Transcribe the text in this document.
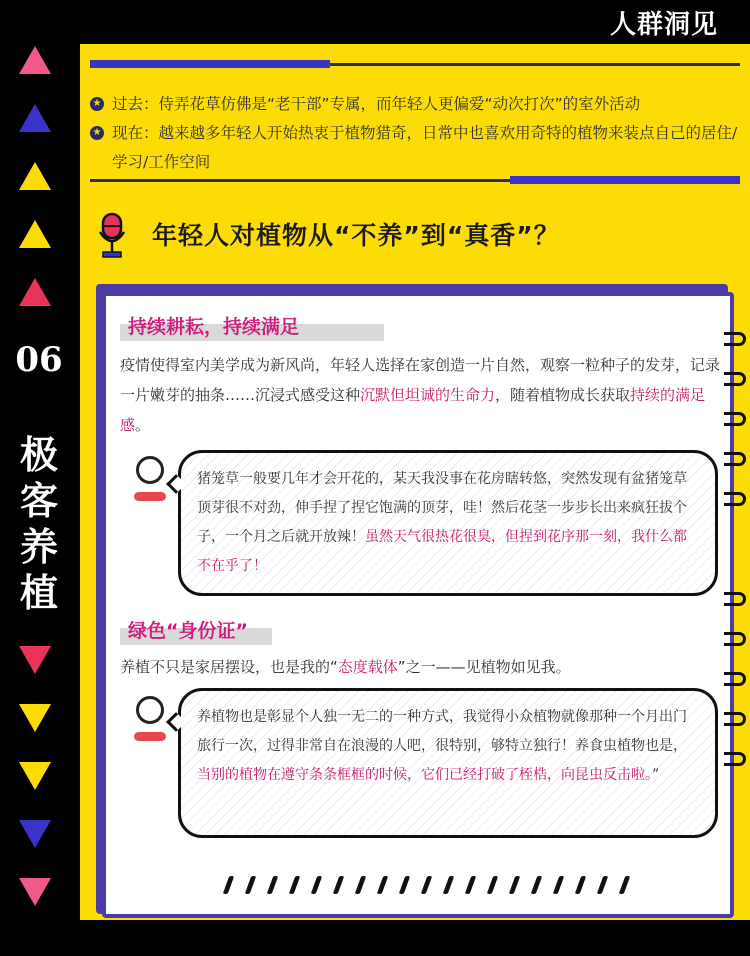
06
极
客
养
植
人群洞见
★ 过去：侍弄花草仿佛是“老干部”专属，而年轻人更偏爱“动次打次”的室外活动
★ 现在：越来越多年轻人开始热衷于植物猎奇，日常中也喜欢用奇特的植物来装点自己的居住/学习/工作空间
年轻人对植物从“不养”到“真香”？
持续耕耘，持续满足
疫情使得室内美学成为新风尚，年轻人选择在家创造一片自然，观察一粒种子的发芽，记录一片嫩芽的抽条……沉浸式感受这种沉默但坦诚的生命力，随着植物成长获取持续的满足感。

猪笼草一般要几年才会开花的，某天我没事在花房瞎转悠，突然发现有盆猪笼草顶芽很不对劲，伸手捏了捏它饱满的顶芽，哇！然后花茎一步步长出来疯狂拔个子，一个月之后就开放辣！虽然天气很热花很臭，但捏到花序那一刻，我什么都不在乎了！

绿色“身份证”
养植不只是家居摆设，也是我的“态度载体”之一——见植物如见我。

养植物也是彰显个人独一无二的一种方式，我觉得小众植物就像那种一个月出门旅行一次，过得非常自在浪漫的人吧，很特别，够特立独行！养食虫植物也是，当别的植物在遵守条条框框的时候，它们已经打破了桎梏，向昆虫反击啦。”
